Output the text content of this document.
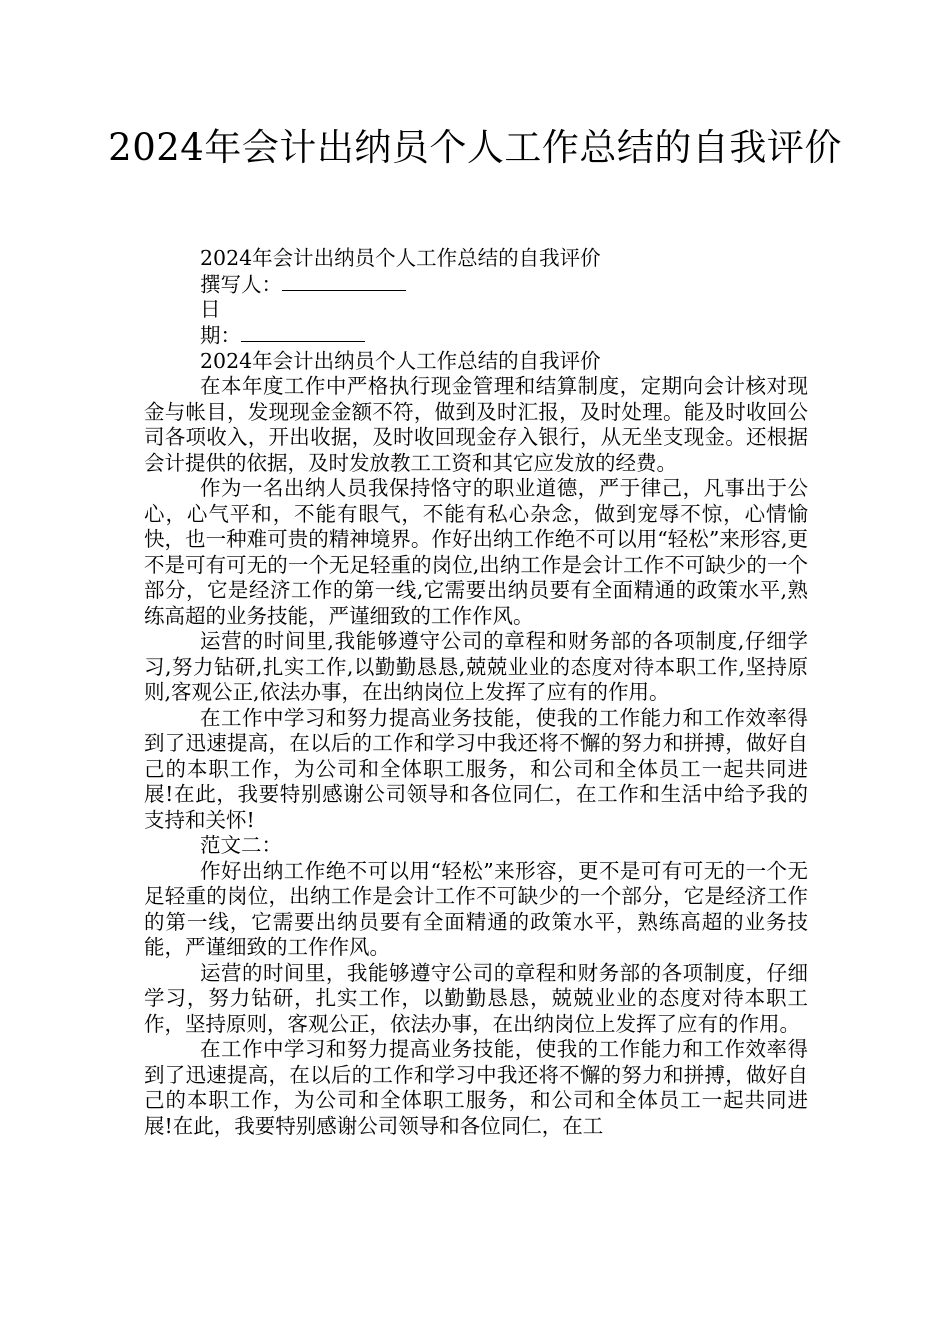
2024年会计出纳员个人工作总结的自我评价

2024年会计出纳员个人工作总结的自我评价

撰写人：

日

期：

2024年会计出纳员个人工作总结的自我评价

在本年度工作中严格执行现金管理和结算制度，定期向会计核对现金与帐目，发现现金金额不符，做到及时汇报，及时处理。能及时收回公司各项收入，开出收据，及时收回现金存入银行，从无坐支现金。还根据会计提供的依据，及时发放教工工资和其它应发放的经费。

作为一名出纳人员我保持恪守的职业道德，严于律己，凡事出于公心，心气平和，不能有眼气，不能有私心杂念，做到宠辱不惊，心情愉快，也一种难可贵的精神境界。作好出纳工作绝不可以用“轻松”来形容,更不是可有可无的一个无足轻重的岗位,出纳工作是会计工作不可缺少的一个部分，它是经济工作的第一线,它需要出纳员要有全面精通的政策水平,熟练高超的业务技能，严谨细致的工作作风。

运营的时间里,我能够遵守公司的章程和财务部的各项制度,仔细学习,努力钻研,扎实工作,以勤勤恳恳,兢兢业业的态度对待本职工作,坚持原则,客观公正,依法办事，在出纳岗位上发挥了应有的作用。

在工作中学习和努力提高业务技能，使我的工作能力和工作效率得到了迅速提高，在以后的工作和学习中我还将不懈的努力和拼搏，做好自己的本职工作，为公司和全体职工服务，和公司和全体员工一起共同进展!在此，我要特别感谢公司领导和各位同仁，在工作和生活中给予我的支持和关怀!

范文二：

作好出纳工作绝不可以用“轻松”来形容，更不是可有可无的一个无足轻重的岗位，出纳工作是会计工作不可缺少的一个部分，它是经济工作的第一线，它需要出纳员要有全面精通的政策水平，熟练高超的业务技能，严谨细致的工作作风。

运营的时间里，我能够遵守公司的章程和财务部的各项制度，仔细学习，努力钻研，扎实工作，以勤勤恳恳，兢兢业业的态度对待本职工作，坚持原则，客观公正，依法办事，在出纳岗位上发挥了应有的作用。

在工作中学习和努力提高业务技能，使我的工作能力和工作效率得到了迅速提高，在以后的工作和学习中我还将不懈的努力和拼搏，做好自己的本职工作，为公司和全体职工服务，和公司和全体员工一起共同进展!在此，我要特别感谢公司领导和各位同仁，在工
